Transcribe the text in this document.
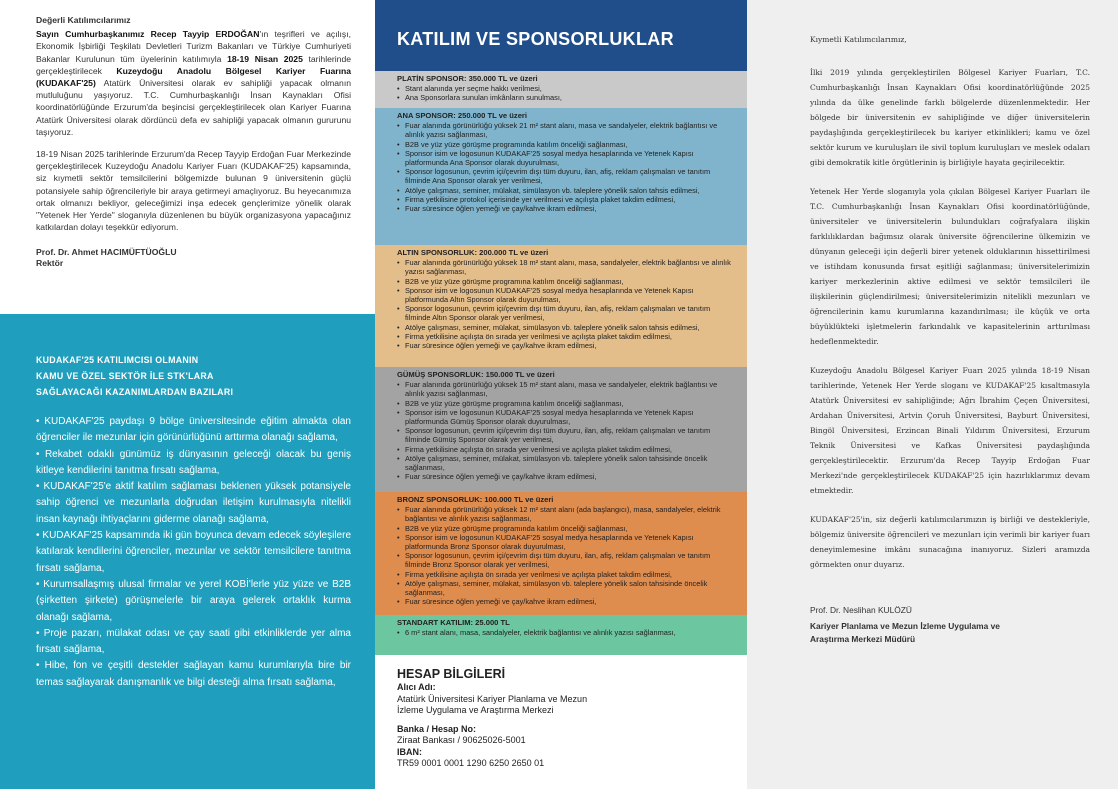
Değerli Katılımcılarımız

Sayın Cumhurbaşkanımız Recep Tayyip ERDOĞAN'ın teşrifleri ve açılışı, Ekonomik İşbirliği Teşkilatı Devletleri Turizm Bakanları ve Türkiye Cumhuriyeti Bakanlar Kurulunun tüm üyelerinin katılımıyla 18-19 Nisan 2025 tarihlerinde gerçekleştirilecek Kuzeydoğu Anadolu Bölgesel Kariyer Fuarına (KUDAKAF'25) Atatürk Üniversitesi olarak ev sahipliği yapacak olmanın mutluluğunu yaşıyoruz. T.C. Cumhurbaşkanlığı İnsan Kaynakları Ofisi koordinatörlüğünde Erzurum'da beşincisi gerçekleştirilecek olan Kariyer Fuarına Atatürk Üniversitesi olarak dördüncü defa ev sahipliği yapacak olmanın gururunu taşıyoruz.

18-19 Nisan 2025 tarihlerinde Erzurum'da Recep Tayyip Erdoğan Fuar Merkezinde gerçekleştirilecek Kuzeydoğu Anadolu Kariyer Fuarı (KUDAKAF'25) kapsamında, siz kıymetli sektör temsilcilerini bölgemizde bulunan 9 üniversitenin güçlü potansiyele sahip öğrencileriyle bir araya getirmeyi amaçlıyoruz. Bu heyecanımıza ortak olmanızı bekliyor, geleceğimizi inşa edecek gençlerimize yönelik olarak "Yetenek Her Yerde" sloganıyla düzenlenen bu büyük organizasyona yapacağınız katkılardan dolayı teşekkür ediyorum.

Prof. Dr. Ahmet HACIMÜFTÜOĞLU
Rektör
KUDAKAF'25 KATILIMCISI OLMANIN
KAMU VE ÖZEL SEKTÖR İLE STK'LARA
SAĞLAYACAĞI KAZANIMLARDAN BAZILARI

• KUDAKAF'25 paydaşı 9 bölge üniversitesinde eğitim almakta olan öğrenciler ile mezunlar için görünürlüğünü arttırma olanağı sağlama,

• Rekabet odaklı günümüz iş dünyasının geleceği olacak bu geniş kitleye kendilerini tanıtma fırsatı sağlama,

• KUDAKAF'25'e aktif katılım sağlaması beklenen yüksek potansiyele sahip öğrenci ve mezunlarla doğrudan iletişim kurulmasıyla nitelikli insan kaynağı ihtiyaçlarını giderme olanağı sağlama,

• KUDAKAF'25 kapsamında iki gün boyunca devam edecek söyleşilere katılarak kendilerini öğrenciler, mezunlar ve sektör temsilcilere tanıtma fırsatı sağlama,

• Kurumsallaşmış ulusal firmalar ve yerel KOBİ'lerle yüz yüze ve B2B (şirketten şirkete) görüşmelerle bir araya gelerek ortaklık kurma olanağı sağlama,

• Proje pazarı, mülakat odası ve çay saati gibi etkinliklerde yer alma fırsatı sağlama,

• Hibe, fon ve çeşitli destekler sağlayan kamu kurumlarıyla bire bir temas sağlayarak danışmanlık ve bilgi desteği alma fırsatı sağlama,

KATILIM VE SPONSORLUKLAR
PLATİN SPONSOR: 350.000 TL ve üzeri
• Stant alanında yer seçme hakkı verilmesi,
• Ana Sponsorlara sunulan imkânların sunulması,
ANA SPONSOR: 250.000 TL ve üzeri
• Fuar alanında görünürlüğü yüksek 21 m² stant alanı, masa ve sandalyeler, elektrik bağlantısı ve alınlık yazısı sağlanması,
• B2B ve yüz yüze görüşme programında katılım önceliği sağlanması,
• Sponsor isim ve logosunun KUDAKAF'25 sosyal medya hesaplarında ve Yetenek Kapısı platformunda Ana Sponsor olarak duyurulması,
• Sponsor logosunun, çevrim içi/çevrim dışı tüm duyuru, ilan, afiş, reklam çalışmaları ve tanıtım filminde Ana Sponsor olarak yer verilmesi,
• Atölye çalışması, seminer, mülakat, simülasyon vb. taleplere yönelik salon tahsis edilmesi,
• Firma yetkilisine protokol içerisinde yer verilmesi ve açılışta plaket takdim edilmesi,
• Fuar süresince öğlen yemeği ve çay/kahve ikram edilmesi,
ALTIN SPONSORLUK: 200.000 TL ve üzeri
• Fuar alanında görünürlüğü yüksek 18 m² stant alanı, masa, sandalyeler, elektrik bağlantısı ve alınlık yazısı sağlanması,
• B2B ve yüz yüze görüşme programına katılım önceliği sağlanması,
• Sponsor isim ve logosunun KUDAKAF'25 sosyal medya hesaplarında ve Yetenek Kapısı platformunda Altın Sponsor olarak duyurulması,
• Sponsor logosunun, çevrim içi/çevrim dışı tüm duyuru, ilan, afiş, reklam çalışmaları ve tanıtım filminde Altın Sponsor olarak yer verilmesi,
• Atölye çalışması, seminer, mülakat, simülasyon vb. taleplere yönelik salon tahsis edilmesi,
• Firma yetkilisine açılışta ön sırada yer verilmesi ve açılışta plaket takdim edilmesi,
• Fuar süresince öğlen yemeği ve çay/kahve ikram edilmesi,
GÜMÜŞ SPONSORLUK: 150.000 TL ve üzeri
• Fuar alanında görünürlüğü yüksek 15 m² stant alanı, masa ve sandalyeler, elektrik bağlantısı ve alınlık yazısı sağlanması,
• B2B ve yüz yüze görüşme programına katılım önceliği sağlanması,
• Sponsor isim ve logosunun KUDAKAF'25 sosyal medya hesaplarında ve Yetenek Kapısı platformunda Gümüş Sponsor olarak duyurulması,
• Sponsor logosunun, çevrim içi/çevrim dışı tüm duyuru, ilan, afiş, reklam çalışmaları ve tanıtım filminde Gümüş Sponsor olarak yer verilmesi,
• Firma yetkilisine açılışta ön sırada yer verilmesi ve açılışta plaket takdim edilmesi,
• Atölye çalışması, seminer, mülakat, simülasyon vb. taleplere yönelik salon tahsisinde öncelik sağlanması,
• Fuar süresince öğlen yemeği ve çay/kahve ikram edilmesi,
BRONZ SPONSORLUK: 100.000 TL ve üzeri
• Fuar alanında görünürlüğü yüksek 12 m² stant alanı (ada başlangıcı), masa, sandalyeler, elektrik bağlantısı ve alınlık yazısı sağlanması,
• B2B ve yüz yüze görüşme programında katılım önceliği sağlanması,
• Sponsor isim ve logosunun KUDAKAF'25 sosyal medya hesaplarında ve Yetenek Kapısı platformunda Bronz Sponsor olarak duyurulması,
• Sponsor logosunun, çevrim içi/çevrim dışı tüm duyuru, ilan, afiş, reklam çalışmaları ve tanıtım filminde Bronz Sponsor olarak yer verilmesi,
• Firma yetkilisine açılışta ön sırada yer verilmesi ve açılışta plaket takdim edilmesi,
• Atölye çalışması, seminer, mülakat, simülasyon vb. taleplere yönelik salon tahsisinde öncelik sağlanması,
• Fuar süresince öğlen yemeği ve çay/kahve ikram edilmesi,
STANDART KATILIM: 25.000 TL
• 6 m² stant alanı, masa, sandalyeler, elektrik bağlantısı ve alınlık yazısı sağlanması,
HESAP BİLGİLERİ
Alıcı Adı:
Atatürk Üniversitesi Kariyer Planlama ve Mezun
İzleme Uygulama ve Araştırma Merkezi
Banka / Hesap No:
Ziraat Bankası / 90625026-5001
IBAN:
TR59 0001 0001 1290 6250 2650 01

Kıymetli Katılımcılarımız,

İlki 2019 yılında gerçekleştirilen Bölgesel Kariyer Fuarları, T.C. Cumhurbaşkanlığı İnsan Kaynakları Ofisi koordinatörlüğünde 2025 yılında da ülke genelinde farklı bölgelerde düzenlenmektedir. Her bölgede bir üniversitenin ev sahipliğinde ve diğer üniversitelerin paydaşlığında gerçekleştirilecek bu kariyer etkinlikleri; kamu ve özel sektör kurum ve kuruluşları ile sivil toplum kuruluşları ve meslek odaları gibi demokratik kitle örgütlerinin iş birliğiyle hayata geçirilecektir.

Yetenek Her Yerde sloganıyla yola çıkılan Bölgesel Kariyer Fuarları ile T.C. Cumhurbaşkanlığı İnsan Kaynakları Ofisi koordinatörlüğünde, üniversiteler ve üniversitelerin bulundukları coğrafyalara ilişkin farklılıklardan bağımsız olarak üniversite öğrencilerine ülkemizin ve dünyanın geleceği için değerli birer yetenek olduklarının hissettirilmesi ve istihdam konusunda fırsat eşitliği sağlanması; üniversitelerimizin kariyer merkezlerinin aktive edilmesi ve sektör temsilcileri ile ilişkilerinin güçlendirilmesi; üniversitelerimizin nitelikli mezunları ve öğrencilerinin kamu kurumlarına kazandırılması; ile küçük ve orta büyüklükteki işletmelerin farkındalık ve kapasitelerinin arttırılması hedeflenmektedir.

Kuzeydoğu Anadolu Bölgesel Kariyer Fuarı 2025 yılında 18-19 Nisan tarihlerinde, Yetenek Her Yerde sloganı ve KUDAKAF'25 kısaltmasıyla Atatürk Üniversitesi ev sahipliğinde; Ağrı İbrahim Çeçen Üniversitesi, Ardahan Üniversitesi, Artvin Çoruh Üniversitesi, Bayburt Üniversitesi, Bingöl Üniversitesi, Erzincan Binali Yıldırım Üniversitesi, Erzurum Teknik Üniversitesi ve Kafkas Üniversitesi paydaşlığında gerçekleştirilecektir. Erzurum'da Recep Tayyip Erdoğan Fuar Merkezi'nde gerçekleştirilecek KUDAKAF'25 için hazırlıklarımız devam etmektedir.

KUDAKAF'25'in, siz değerli katılımcılarımızın iş birliği ve destekleriyle, bölgemiz üniversite öğrencileri ve mezunları için verimli bir kariyer fuarı deneyimlemesine imkânı sunacağına inanıyoruz. Sizleri aramızda görmekten onur duyarız.

Prof. Dr. Neslihan KULÖZÜ
Kariyer Planlama ve Mezun İzleme Uygulama ve
Araştırma Merkezi Müdürü
